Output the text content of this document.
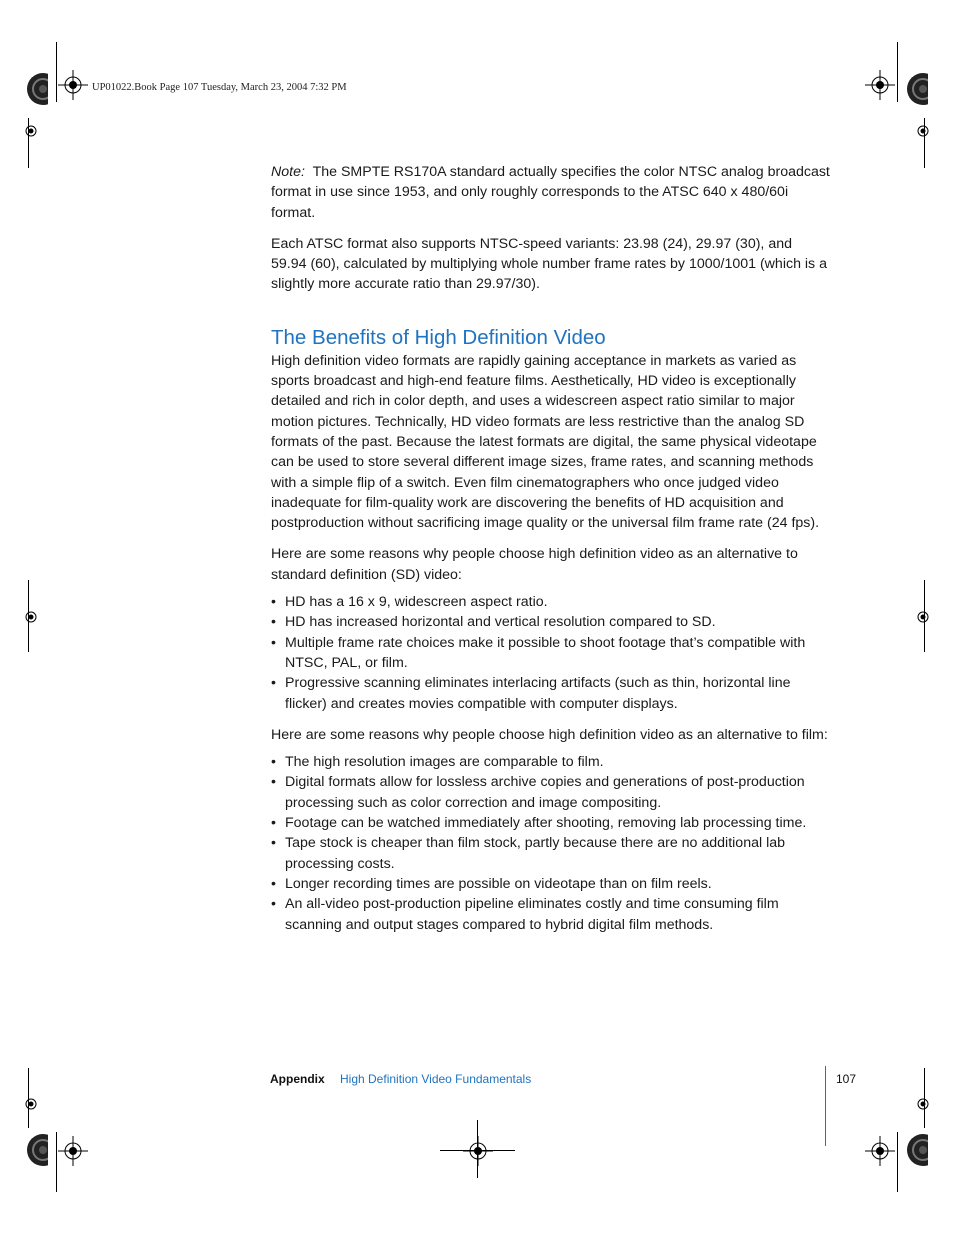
UP01022.Book Page 107 Tuesday, March 23, 2004 7:32 PM

Note: The SMPTE RS170A standard actually specifies the color NTSC analog broadcast format in use since 1953, and only roughly corresponds to the ATSC 640 x 480/60i format.

Each ATSC format also supports NTSC-speed variants: 23.98 (24), 29.97 (30), and 59.94 (60), calculated by multiplying whole number frame rates by 1000/1001 (which is a slightly more accurate ratio than 29.97/30).

The Benefits of High Definition Video

High definition video formats are rapidly gaining acceptance in markets as varied as sports broadcast and high-end feature films. Aesthetically, HD video is exceptionally detailed and rich in color depth, and uses a widescreen aspect ratio similar to major motion pictures. Technically, HD video formats are less restrictive than the analog SD formats of the past. Because the latest formats are digital, the same physical videotape can be used to store several different image sizes, frame rates, and scanning methods with a simple flip of a switch. Even film cinematographers who once judged video inadequate for film-quality work are discovering the benefits of HD acquisition and postproduction without sacrificing image quality or the universal film frame rate (24 fps).

Here are some reasons why people choose high definition video as an alternative to standard definition (SD) video:

• HD has a 16 x 9, widescreen aspect ratio.
• HD has increased horizontal and vertical resolution compared to SD.
• Multiple frame rate choices make it possible to shoot footage that’s compatible with NTSC, PAL, or film.
• Progressive scanning eliminates interlacing artifacts (such as thin, horizontal line flicker) and creates movies compatible with computer displays.

Here are some reasons why people choose high definition video as an alternative to film:

• The high resolution images are comparable to film.
• Digital formats allow for lossless archive copies and generations of post-production processing such as color correction and image compositing.
• Footage can be watched immediately after shooting, removing lab processing time.
• Tape stock is cheaper than film stock, partly because there are no additional lab processing costs.
• Longer recording times are possible on videotape than on film reels.
• An all-video post-production pipeline eliminates costly and time consuming film scanning and output stages compared to hybrid digital film methods.
Appendix High Definition Video Fundamentals	107
